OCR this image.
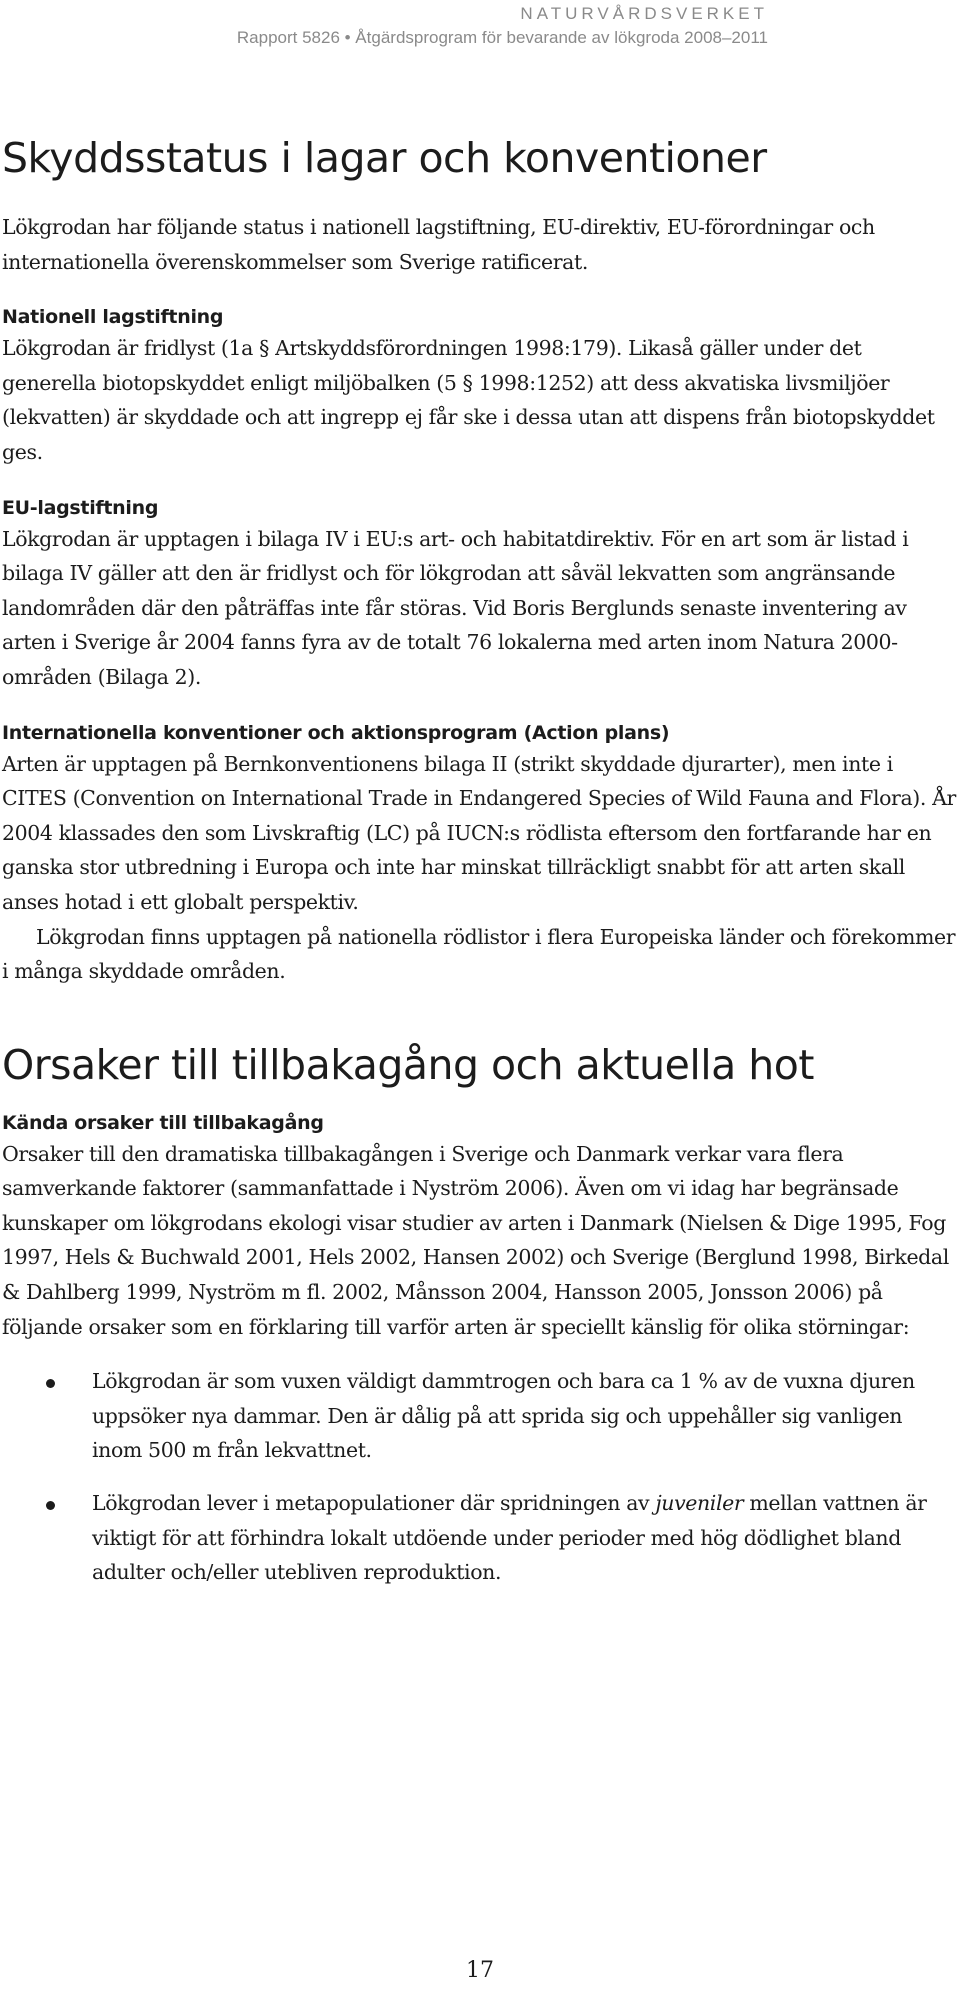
NATURVÅRDSVERKET
Rapport 5826 • Åtgärdsprogram för bevarande av lökgroda 2008–2011
Skyddsstatus i lagar och konventioner

Lökgrodan har följande status i nationell lagstiftning, EU-direktiv, EU-förordningar och internationella överenskommelser som Sverige ratificerat.

Nationell lagstiftning

Lökgrodan är fridlyst (1a § Artskyddsförordningen 1998:179). Likaså gäller under det generella biotopskyddet enligt miljöbalken (5 § 1998:1252) att dess akvatiska livsmiljöer (lekvatten) är skyddade och att ingrepp ej får ske i dessa utan att dispens från biotopskyddet ges.

EU-lagstiftning

Lökgrodan är upptagen i bilaga IV i EU:s art- och habitatdirektiv. För en art som är listad i bilaga IV gäller att den är fridlyst och för lökgrodan att såväl lekvatten som angränsande landområden där den påträffas inte får störas. Vid Boris Berglunds senaste inventering av arten i Sverige år 2004 fanns fyra av de totalt 76 lokalerna med arten inom Natura 2000-områden (Bilaga 2).

Internationella konventioner och aktionsprogram (Action plans)

Arten är upptagen på Bernkonventionens bilaga II (strikt skyddade djurarter), men inte i CITES (Convention on International Trade in Endangered Species of Wild Fauna and Flora). År 2004 klassades den som Livskraftig (LC) på IUCN:s rödlista eftersom den fortfarande har en ganska stor utbredning i Europa och inte har minskat tillräckligt snabbt för att arten skall anses hotad i ett globalt perspektiv.

Lökgrodan finns upptagen på nationella rödlistor i flera Europeiska länder och förekommer i många skyddade områden.

Orsaker till tillbakagång och aktuella hot
Kända orsaker till tillbakagång

Orsaker till den dramatiska tillbakagången i Sverige och Danmark verkar vara flera samverkande faktorer (sammanfattade i Nyström 2006). Även om vi idag har begränsade kunskaper om lökgrodans ekologi visar studier av arten i Danmark (Nielsen & Dige 1995, Fog 1997, Hels & Buchwald 2001, Hels 2002, Hansen 2002) och Sverige (Berglund 1998, Birkedal & Dahlberg 1999, Nyström m fl. 2002, Månsson 2004, Hansson 2005, Jonsson 2006) på följande orsaker som en förklaring till varför arten är speciellt känslig för olika störningar:

Lökgrodan är som vuxen väldigt dammtrogen och bara ca 1 % av de vuxna djuren uppsöker nya dammar. Den är dålig på att sprida sig och uppehåller sig vanligen inom 500 m från lekvattnet.

Lökgrodan lever i metapopulationer där spridningen av juveniler mellan vattnen är viktigt för att förhindra lokalt utdöende under perioder med hög dödlighet bland adulter och/eller utebliven reproduktion.

17
